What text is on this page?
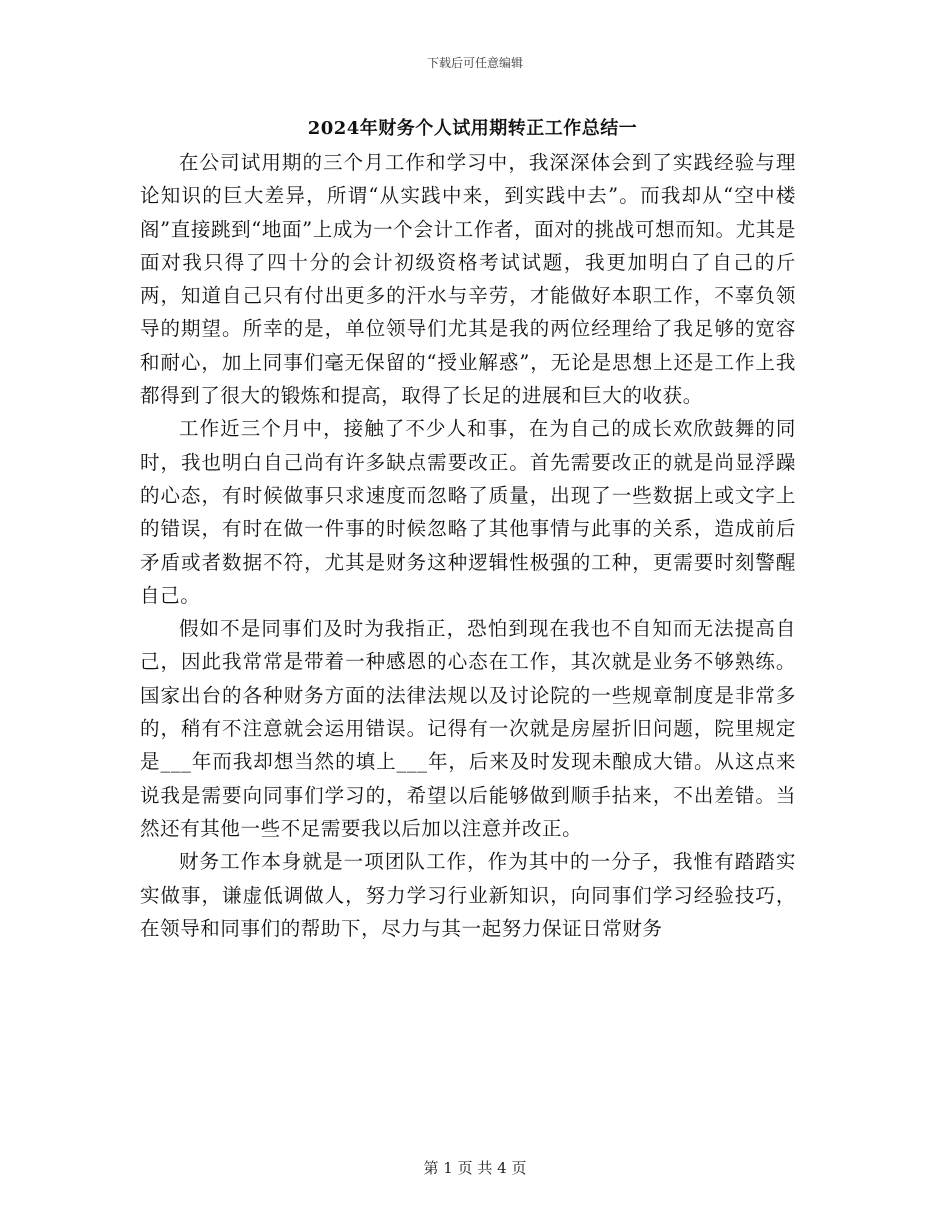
下载后可任意编辑
2024年财务个人试用期转正工作总结一

在公司试用期的三个月工作和学习中，我深深体会到了实践经验与理论知识的巨大差异，所谓“从实践中来，到实践中去”。而我却从“空中楼阁”直接跳到“地面”上成为一个会计工作者，面对的挑战可想而知。尤其是面对我只得了四十分的会计初级资格考试试题，我更加明白了自己的斤两，知道自己只有付出更多的汗水与辛劳，才能做好本职工作，不辜负领导的期望。所幸的是，单位领导们尤其是我的两位经理给了我足够的宽容和耐心，加上同事们毫无保留的“授业解惑”，无论是思想上还是工作上我都得到了很大的锻炼和提高，取得了长足的进展和巨大的收获。

工作近三个月中，接触了不少人和事，在为自己的成长欢欣鼓舞的同时，我也明白自己尚有许多缺点需要改正。首先需要改正的就是尚显浮躁的心态，有时候做事只求速度而忽略了质量，出现了一些数据上或文字上的错误，有时在做一件事的时候忽略了其他事情与此事的关系，造成前后矛盾或者数据不符，尤其是财务这种逻辑性极强的工种，更需要时刻警醒自己。

假如不是同事们及时为我指正，恐怕到现在我也不自知而无法提高自己，因此我常常是带着一种感恩的心态在工作，其次就是业务不够熟练。国家出台的各种财务方面的法律法规以及讨论院的一些规章制度是非常多的，稍有不注意就会运用错误。记得有一次就是房屋折旧问题，院里规定是___年而我却想当然的填上___年，后来及时发现未酿成大错。从这点来说我是需要向同事们学习的，希望以后能够做到顺手拈来，不出差错。当然还有其他一些不足需要我以后加以注意并改正。

财务工作本身就是一项团队工作，作为其中的一分子，我惟有踏踏实实做事，谦虚低调做人，努力学习行业新知识，向同事们学习经验技巧，在领导和同事们的帮助下，尽力与其一起努力保证日常财务

第 1 页 共 4 页
